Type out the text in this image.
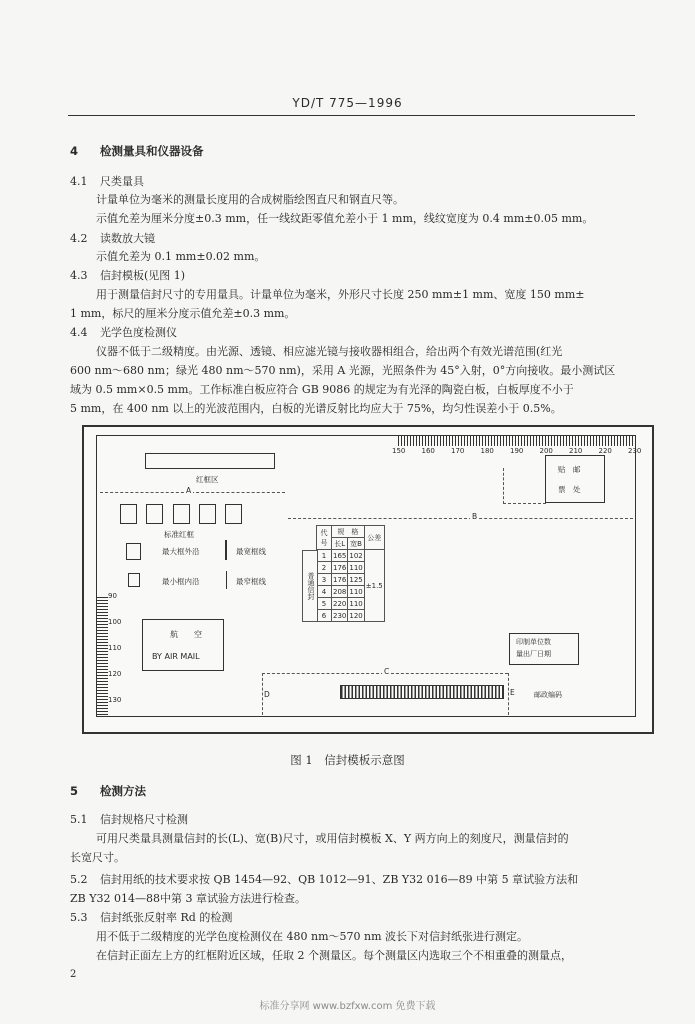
YD/T 775—1996
4 检测量具和仪器设备
4.1 尺类量具
计量单位为毫米的测量长度用的合成树脂绘图直尺和钢直尺等。
示值允差为厘米分度±0.3 mm，任一线纹距零值允差小于 1 mm，线纹宽度为 0.4 mm±0.05 mm。
4.2 读数放大镜
示值允差为 0.1 mm±0.02 mm。
4.3 信封模板(见图 1)
用于测量信封尺寸的专用量具。计量单位为毫米，外形尺寸长度 250 mm±1 mm、宽度 150 mm±
1 mm，标尺的厘米分度示值允差±0.3 mm。
4.4 光学色度检测仪
仪器不低于二级精度。由光源、透镜、相应滤光镜与接收器相组合，给出两个有效光谱范围(红光
600 nm～680 nm；绿光 480 nm～570 nm)，采用 A 光源，光照条件为 45°入射，0°方向接收。最小测试区
域为 0.5 mm×0.5 mm。工作标准白板应符合 GB 9086 的规定为有光泽的陶瓷白板，白板厚度不小于
5 mm，在 400 nm 以上的光波范围内，白板的光谱反射比均应大于 75%，均匀性误差小于 0.5%。
150 160 170 180 190 200 210 220 230
红框区
A
标准红框
最大框外沿	最宽框线
最小框内沿	最窄框线
B
贴　邮
票　处
代号	规　格		公差
	长L	宽B	
1	165	102	±1.5
2	176	110	
3	176	125	
4	208	110	
5	220	110	
6	230	120	
普通信封
90
100
110
120
130
航　　空
BY AIR MAIL
印制单位数
量出厂日期
C
D	E	邮政编码
图 1　信封模板示意图
5 检测方法
5.1 信封规格尺寸检测
可用尺类量具测量信封的长(L)、宽(B)尺寸，或用信封模板 X、Y 两方向上的刻度尺，测量信封的
长宽尺寸。
5.2 信封用纸的技术要求按 QB 1454—92、QB 1012—91、ZB Y32 016—89 中第 5 章试验方法和
ZB Y32 014—88中第 3 章试验方法进行检查。
5.3 信封纸张反射率 Rd 的检测
用不低于二级精度的光学色度检测仪在 480 nm～570 nm 波长下对信封纸张进行测定。
在信封正面左上方的红框附近区域，任取 2 个测量区。每个测量区内选取三个不相重叠的测量点，
2
标准分享网 www.bzfxw.com 免费下载
